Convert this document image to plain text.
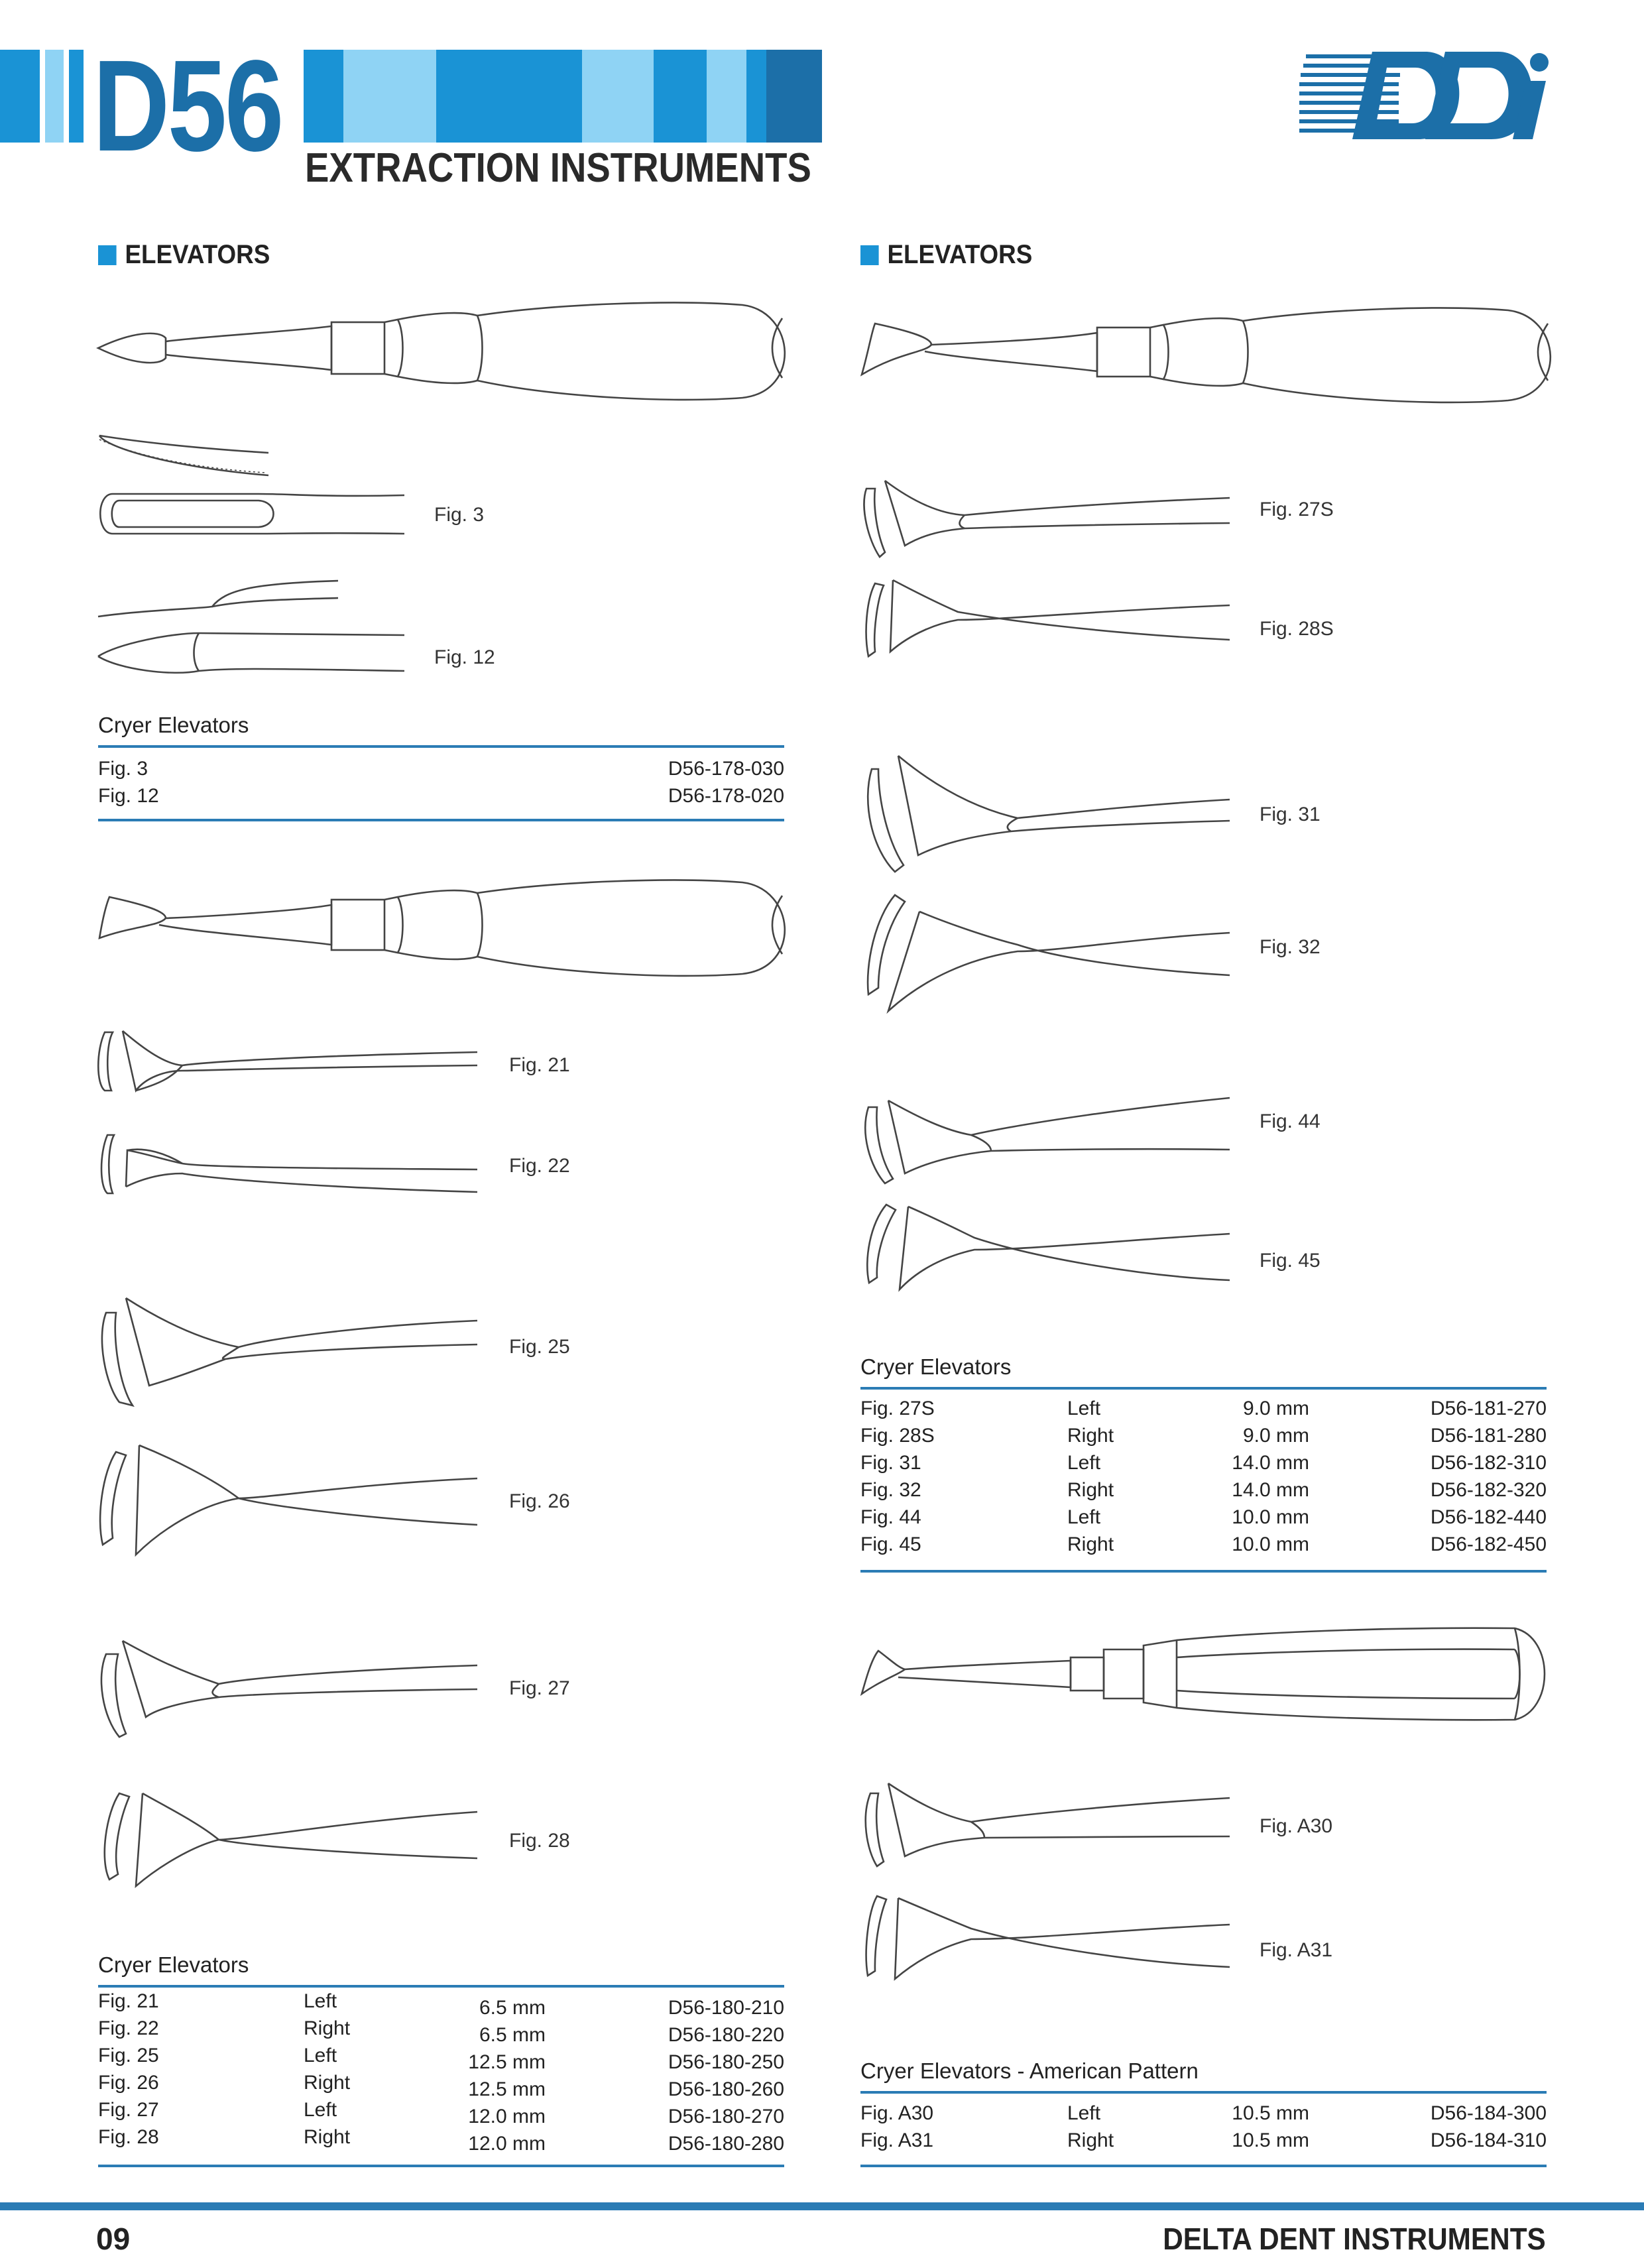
D56 EXTRACTION INSTRUMENTS
ELEVATORS
Fig. 3
Fig. 12
Cryer Elevators
Fig. 3	D56-178-030
Fig. 12	D56-178-020
Fig. 21
Fig. 22
Fig. 25
Fig. 26
Fig. 27
Fig. 28
Cryer Elevators
Fig. 21	Left	6.5 mm	D56-180-210
Fig. 22	Right	6.5 mm	D56-180-220
Fig. 25	Left	12.5 mm	D56-180-250
Fig. 26	Right	12.5 mm	D56-180-260
Fig. 27	Left	12.0 mm	D56-180-270
Fig. 28	Right	12.0 mm	D56-180-280
ELEVATORS
Fig. 27S
Fig. 28S
Fig. 31
Fig. 32
Fig. 44
Fig. 45
Cryer Elevators
Fig. 27S	Left	9.0 mm	D56-181-270
Fig. 28S	Right	9.0 mm	D56-181-280
Fig. 31	Left	14.0 mm	D56-182-310
Fig. 32	Right	14.0 mm	D56-182-320
Fig. 44	Left	10.0 mm	D56-182-440
Fig. 45	Right	10.0 mm	D56-182-450
Fig. A30
Fig. A31
Cryer Elevators - American Pattern
Fig. A30	Left	10.5 mm	D56-184-300
Fig. A31	Right	10.5 mm	D56-184-310
09	DELTA DENT INSTRUMENTS
